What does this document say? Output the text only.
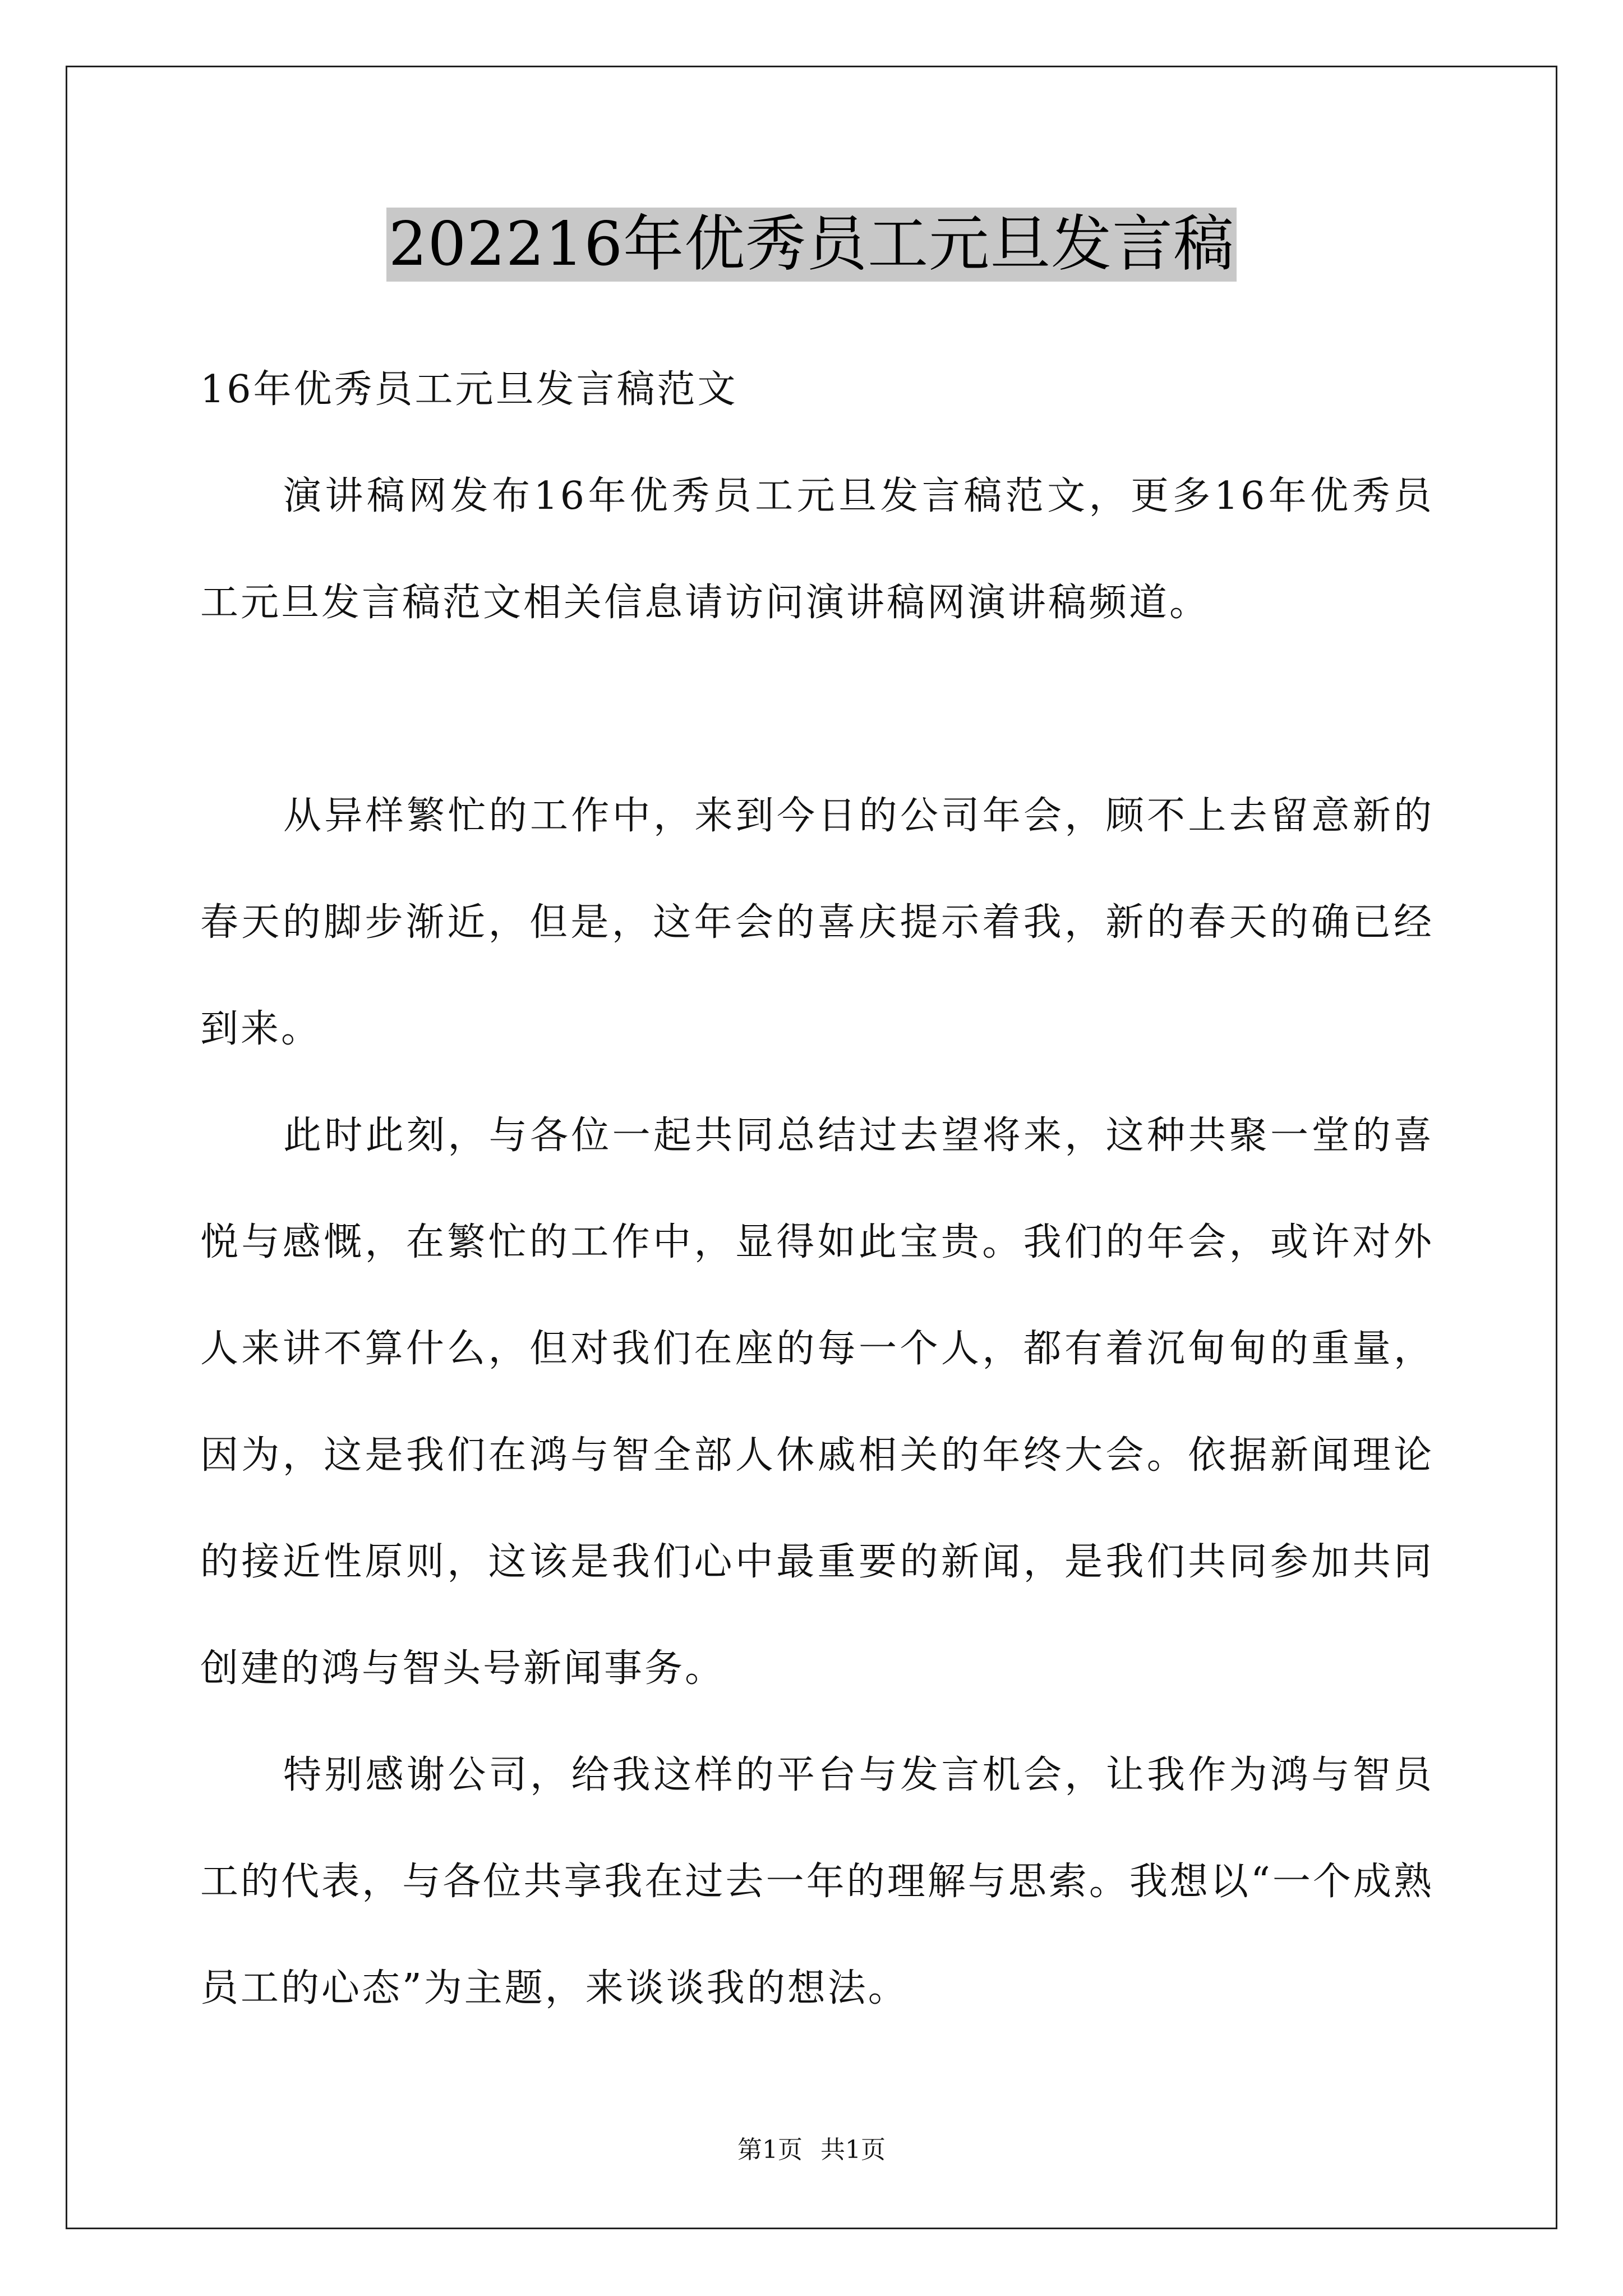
202216年优秀员工元旦发言稿

16年优秀员工元旦发言稿范文

演讲稿网发布16年优秀员工元旦发言稿范文，更多16年优秀员工元旦发言稿范文相关信息请访问演讲稿网演讲稿频道。

从异样繁忙的工作中，来到今日的公司年会，顾不上去留意新的春天的脚步渐近，但是，这年会的喜庆提示着我，新的春天的确已经到来。

此时此刻，与各位一起共同总结过去望将来，这种共聚一堂的喜悦与感慨，在繁忙的工作中，显得如此宝贵。我们的年会，或许对外人来讲不算什么，但对我们在座的每一个人，都有着沉甸甸的重量，因为，这是我们在鸿与智全部人休戚相关的年终大会。依据新闻理论的接近性原则，这该是我们心中最重要的新闻，是我们共同参加共同创建的鸿与智头号新闻事务。

特别感谢公司，给我这样的平台与发言机会，让我作为鸿与智员工的代表，与各位共享我在过去一年的理解与思索。我想以“一个成熟员工的心态”为主题，来谈谈我的想法。

第1页 共1页
